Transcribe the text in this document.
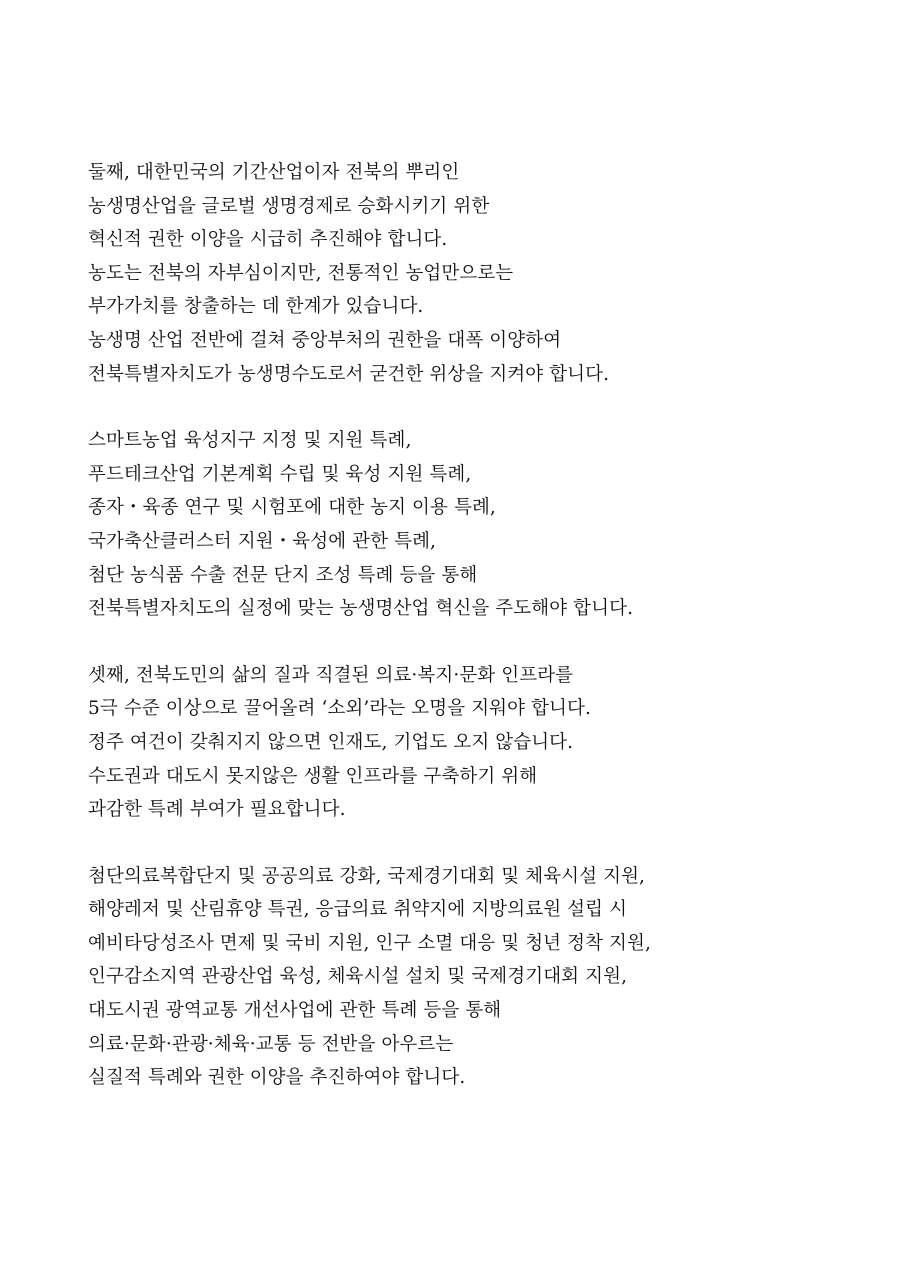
둘째, 대한민국의 기간산업이자 전북의 뿌리인
농생명산업을 글로벌 생명경제로 승화시키기 위한
혁신적 권한 이양을 시급히 추진해야 합니다.
농도는 전북의 자부심이지만, 전통적인 농업만으로는
부가가치를 창출하는 데 한계가 있습니다.
농생명 산업 전반에 걸쳐 중앙부처의 권한을 대폭 이양하여
전북특별자치도가 농생명수도로서 굳건한 위상을 지켜야 합니다.
스마트농업 육성지구 지정 및 지원 특례,
푸드테크산업 기본계획 수립 및 육성 지원 특례,
종자・육종 연구 및 시험포에 대한 농지 이용 특례,
국가축산클러스터 지원・육성에 관한 특례,
첨단 농식품 수출 전문 단지 조성 특례 등을 통해
전북특별자치도의 실정에 맞는 농생명산업 혁신을 주도해야 합니다.
셋째, 전북도민의 삶의 질과 직결된 의료·복지·문화 인프라를
5극 수준 이상으로 끌어올려 ‘소외’라는 오명을 지워야 합니다.
정주 여건이 갖춰지지 않으면 인재도, 기업도 오지 않습니다.
수도권과 대도시 못지않은 생활 인프라를 구축하기 위해
과감한 특례 부여가 필요합니다.
첨단의료복합단지 및 공공의료 강화, 국제경기대회 및 체육시설 지원,
해양레저 및 산림휴양 특권, 응급의료 취약지에 지방의료원 설립 시
예비타당성조사 면제 및 국비 지원, 인구 소멸 대응 및 청년 정착 지원,
인구감소지역 관광산업 육성, 체육시설 설치 및 국제경기대회 지원,
대도시권 광역교통 개선사업에 관한 특례 등을 통해
의료·문화·관광·체육·교통 등 전반을 아우르는
실질적 특례와 권한 이양을 추진하여야 합니다.
